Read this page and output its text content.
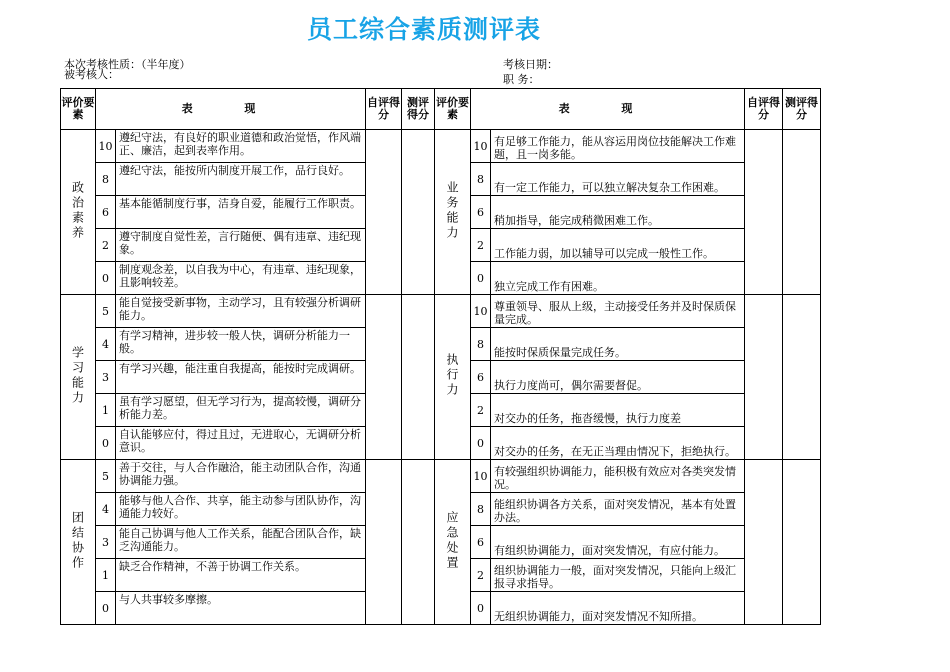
员工综合素质测评表
本次考核性质：（半年度）
被考核人：
考核日期：
职 务：
评价要素	表 现		自评得分	测评得分	评价要素	表 现		自评得分	测评得分
政治素养	10	遵纪守法，有良好的职业道德和政治觉悟，作风端正、廉洁，起到表率作用。			业务能力	10	有足够工作能力，能从容运用岗位技能解决工作难题，且一岗多能。		
	8	遵纪守法，能按所内制度开展工作，品行良好。				8	有一定工作能力，可以独立解决复杂工作困难。		
	6	基本能循制度行事，洁身自爱，能履行工作职责。				6	稍加指导，能完成稍微困难工作。		
	2	遵守制度自觉性差，言行随便、偶有违章、违纪现象。				2	工作能力弱，加以辅导可以完成一般性工作。		
	0	制度观念差，以自我为中心，有违章、违纪现象，且影响较差。				0	独立完成工作有困难。		
学习能力	5	能自觉接受新事物，主动学习，且有较强分析调研能力。			执行力	10	尊重领导、服从上级，主动接受任务并及时保质保量完成。		
	4	有学习精神，进步较一般人快，调研分析能力一般。				8	能按时保质保量完成任务。		
	3	有学习兴趣，能注重自我提高，能按时完成调研。				6	执行力度尚可，偶尔需要督促。		
	1	虽有学习愿望，但无学习行为，提高较慢，调研分析能力差。				2	对交办的任务，拖沓缓慢，执行力度差		
	0	自认能够应付，得过且过，无进取心，无调研分析意识。				0	对交办的任务，在无正当理由情况下，拒绝执行。		
团结协作	5	善于交往，与人合作融洽，能主动团队合作，沟通协调能力强。			应急处置	10	有较强组织协调能力，能积极有效应对各类突发情况。		
	4	能够与他人合作、共享，能主动参与团队协作，沟通能力较好。				8	能组织协调各方关系，面对突发情况，基本有处置办法。		
	3	能自己协调与他人工作关系，能配合团队合作，缺乏沟通能力。				6	有组织协调能力，面对突发情况，有应付能力。		
	1	缺乏合作精神，不善于协调工作关系。				2	组织协调能力一般，面对突发情况，只能向上级汇报寻求指导。		
	0	与人共事较多摩擦。				0	无组织协调能力，面对突发情况不知所措。		
